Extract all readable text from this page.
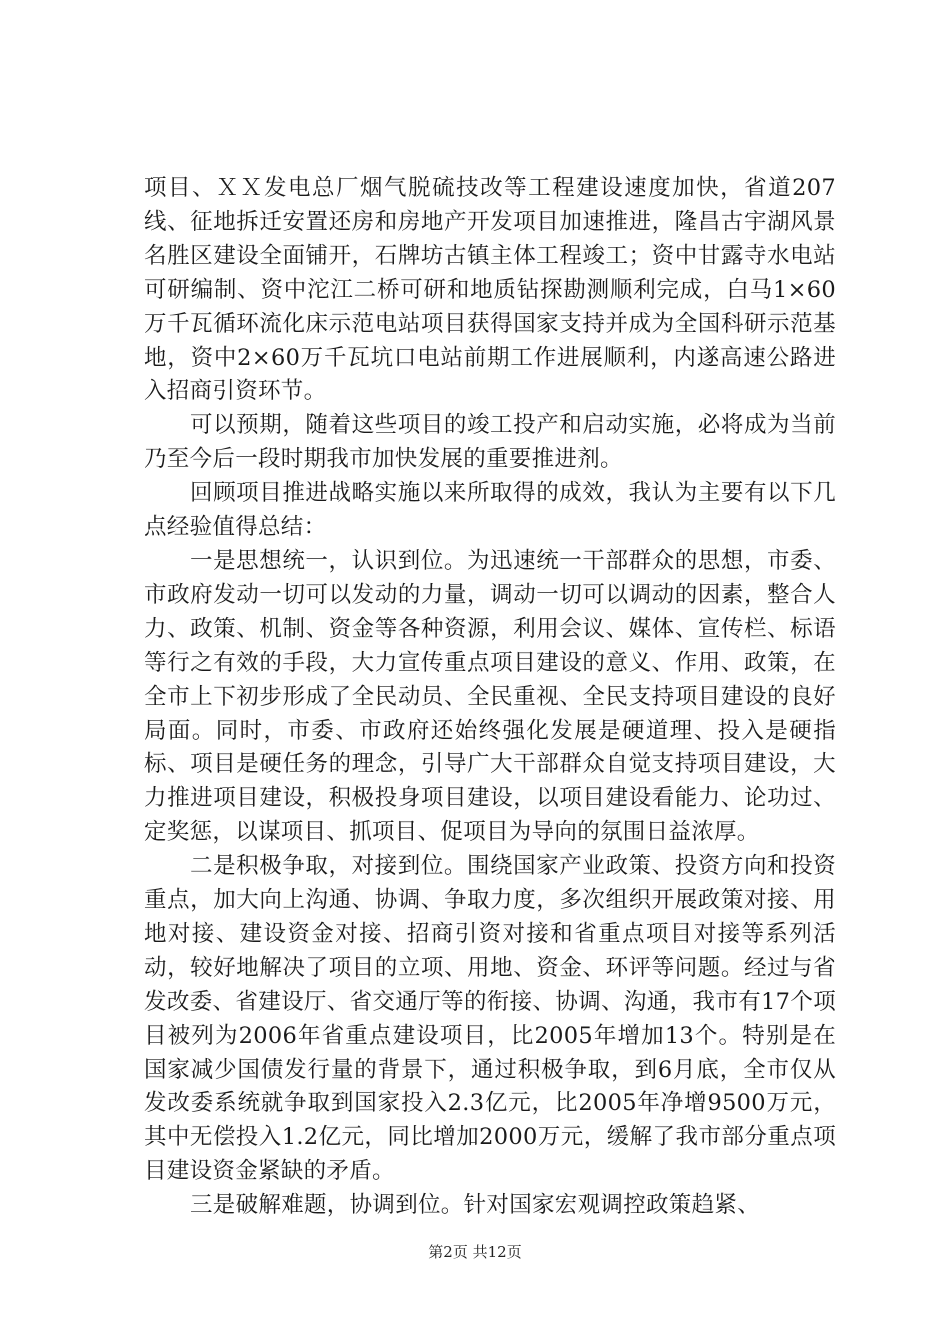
项目、ＸＸ发电总厂烟气脱硫技改等工程建设速度加快，省道207线、征地拆迁安置还房和房地产开发项目加速推进，隆昌古宇湖风景名胜区建设全面铺开，石牌坊古镇主体工程竣工；资中甘露寺水电站可研编制、资中沱江二桥可研和地质钻探勘测顺利完成，白马1×60万千瓦循环流化床示范电站项目获得国家支持并成为全国科研示范基地，资中2×60万千瓦坑口电站前期工作进展顺利，内遂高速公路进入招商引资环节。

可以预期，随着这些项目的竣工投产和启动实施，必将成为当前乃至今后一段时期我市加快发展的重要推进剂。

回顾项目推进战略实施以来所取得的成效，我认为主要有以下几点经验值得总结：

一是思想统一，认识到位。为迅速统一干部群众的思想，市委、市政府发动一切可以发动的力量，调动一切可以调动的因素，整合人力、政策、机制、资金等各种资源，利用会议、媒体、宣传栏、标语等行之有效的手段，大力宣传重点项目建设的意义、作用、政策，在全市上下初步形成了全民动员、全民重视、全民支持项目建设的良好局面。同时，市委、市政府还始终强化发展是硬道理、投入是硬指标、项目是硬任务的理念，引导广大干部群众自觉支持项目建设，大力推进项目建设，积极投身项目建设，以项目建设看能力、论功过、定奖惩，以谋项目、抓项目、促项目为导向的氛围日益浓厚。

二是积极争取，对接到位。围绕国家产业政策、投资方向和投资重点，加大向上沟通、协调、争取力度，多次组织开展政策对接、用地对接、建设资金对接、招商引资对接和省重点项目对接等系列活动，较好地解决了项目的立项、用地、资金、环评等问题。经过与省发改委、省建设厅、省交通厅等的衔接、协调、沟通，我市有17个项目被列为2006年省重点建设项目，比2005年增加13个。特别是在国家减少国债发行量的背景下，通过积极争取，到6月底，全市仅从发改委系统就争取到国家投入2.3亿元，比2005年净增9500万元，其中无偿投入1.2亿元，同比增加2000万元，缓解了我市部分重点项目建设资金紧缺的矛盾。

三是破解难题，协调到位。针对国家宏观调控政策趋紧、

第2页 共12页
